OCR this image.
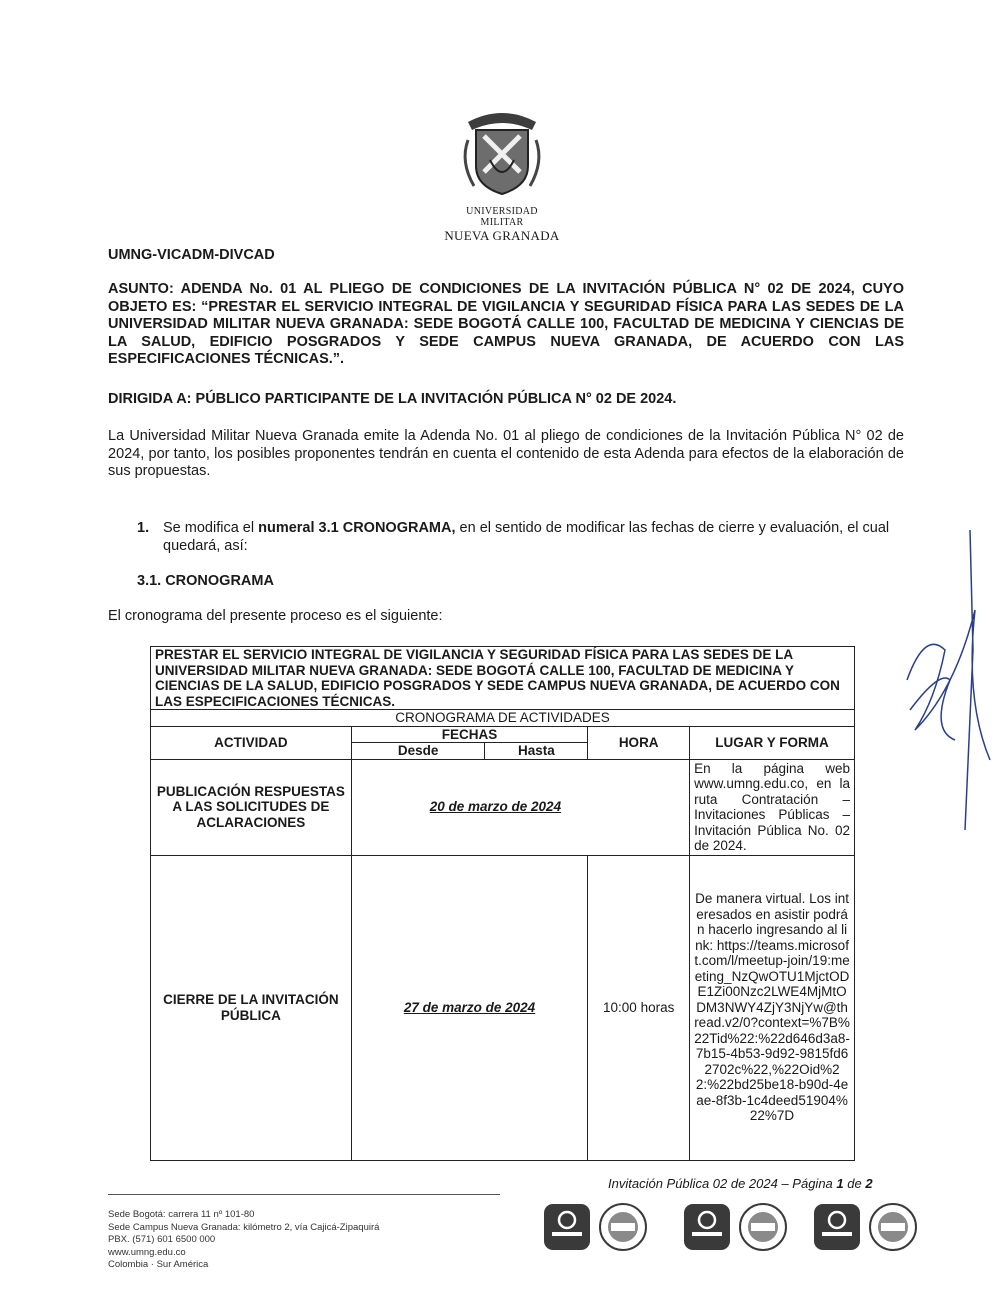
UNIVERSIDAD MILITAR
NUEVA GRANADA
UMNG-VICADM-DIVCAD
ASUNTO: ADENDA No. 01 AL PLIEGO DE CONDICIONES DE LA INVITACIÓN PÚBLICA N° 02 DE 2024, CUYO OBJETO ES: “PRESTAR EL SERVICIO INTEGRAL DE VIGILANCIA Y SEGURIDAD FÍSICA PARA LAS SEDES DE LA UNIVERSIDAD MILITAR NUEVA GRANADA: SEDE BOGOTÁ CALLE 100, FACULTAD DE MEDICINA Y CIENCIAS DE LA SALUD, EDIFICIO POSGRADOS Y SEDE CAMPUS NUEVA GRANADA, DE ACUERDO CON LAS ESPECIFICACIONES TÉCNICAS.”.
DIRIGIDA A: PÚBLICO PARTICIPANTE DE LA INVITACIÓN PÚBLICA N° 02 DE 2024.
La Universidad Militar Nueva Granada emite la Adenda No. 01 al pliego de condiciones de la Invitación Pública N° 02 de 2024, por tanto, los posibles proponentes tendrán en cuenta el contenido de esta Adenda para efectos de la elaboración de sus propuestas.
1. Se modifica el numeral 3.1 CRONOGRAMA, en el sentido de modificar las fechas de cierre y evaluación, el cual quedará, así:
3.1. CRONOGRAMA
El cronograma del presente proceso es el siguiente:
PRESTAR EL SERVICIO INTEGRAL DE VIGILANCIA Y SEGURIDAD FÍSICA PARA LAS SEDES DE LA UNIVERSIDAD MILITAR NUEVA GRANADA: SEDE BOGOTÁ CALLE 100, FACULTAD DE MEDICINA Y CIENCIAS DE LA SALUD, EDIFICIO POSGRADOS Y SEDE CAMPUS NUEVA GRANADA, DE ACUERDO CON LAS ESPECIFICACIONES TÉCNICAS.				
CRONOGRAMA DE ACTIVIDADES				
ACTIVIDAD	FECHAS		HORA	LUGAR Y FORMA
	Desde	Hasta		
PUBLICACIÓN RESPUESTAS A LAS SOLICITUDES DE ACLARACIONES	20 de marzo de 2024			En la página web www.umng.edu.co, en la ruta Contratación – Invitaciones Públicas – Invitación Pública No. 02 de 2024.
CIERRE DE LA INVITACIÓN PÚBLICA	27 de marzo de 2024		10:00 horas	De manera virtual. Los interesados en asistir podrán hacerlo ingresando al link: https://teams.microsoft.com/l/meetup-join/19:meeting_NzQwOTU1MjctODE1Zi00Nzc2LWE4MjMtODM3NWY4ZjY3NjYw@thread.v2/0?context=%7B%22Tid%22:%22d646d3a8-7b15-4b53-9d92-9815fd62702c%22,%22Oid%22:%22bd25be18-b90d-4eae-8f3b-1c4deed51904%22%7D
Invitación Pública 02 de 2024 – Página 1 de 2
Sede Bogotá: carrera 11 nº 101-80
Sede Campus Nueva Granada: kilómetro 2, vía Cajicá-Zipaquirá
PBX. (571) 601 6500 000
www.umng.edu.co
Colombia · Sur América
